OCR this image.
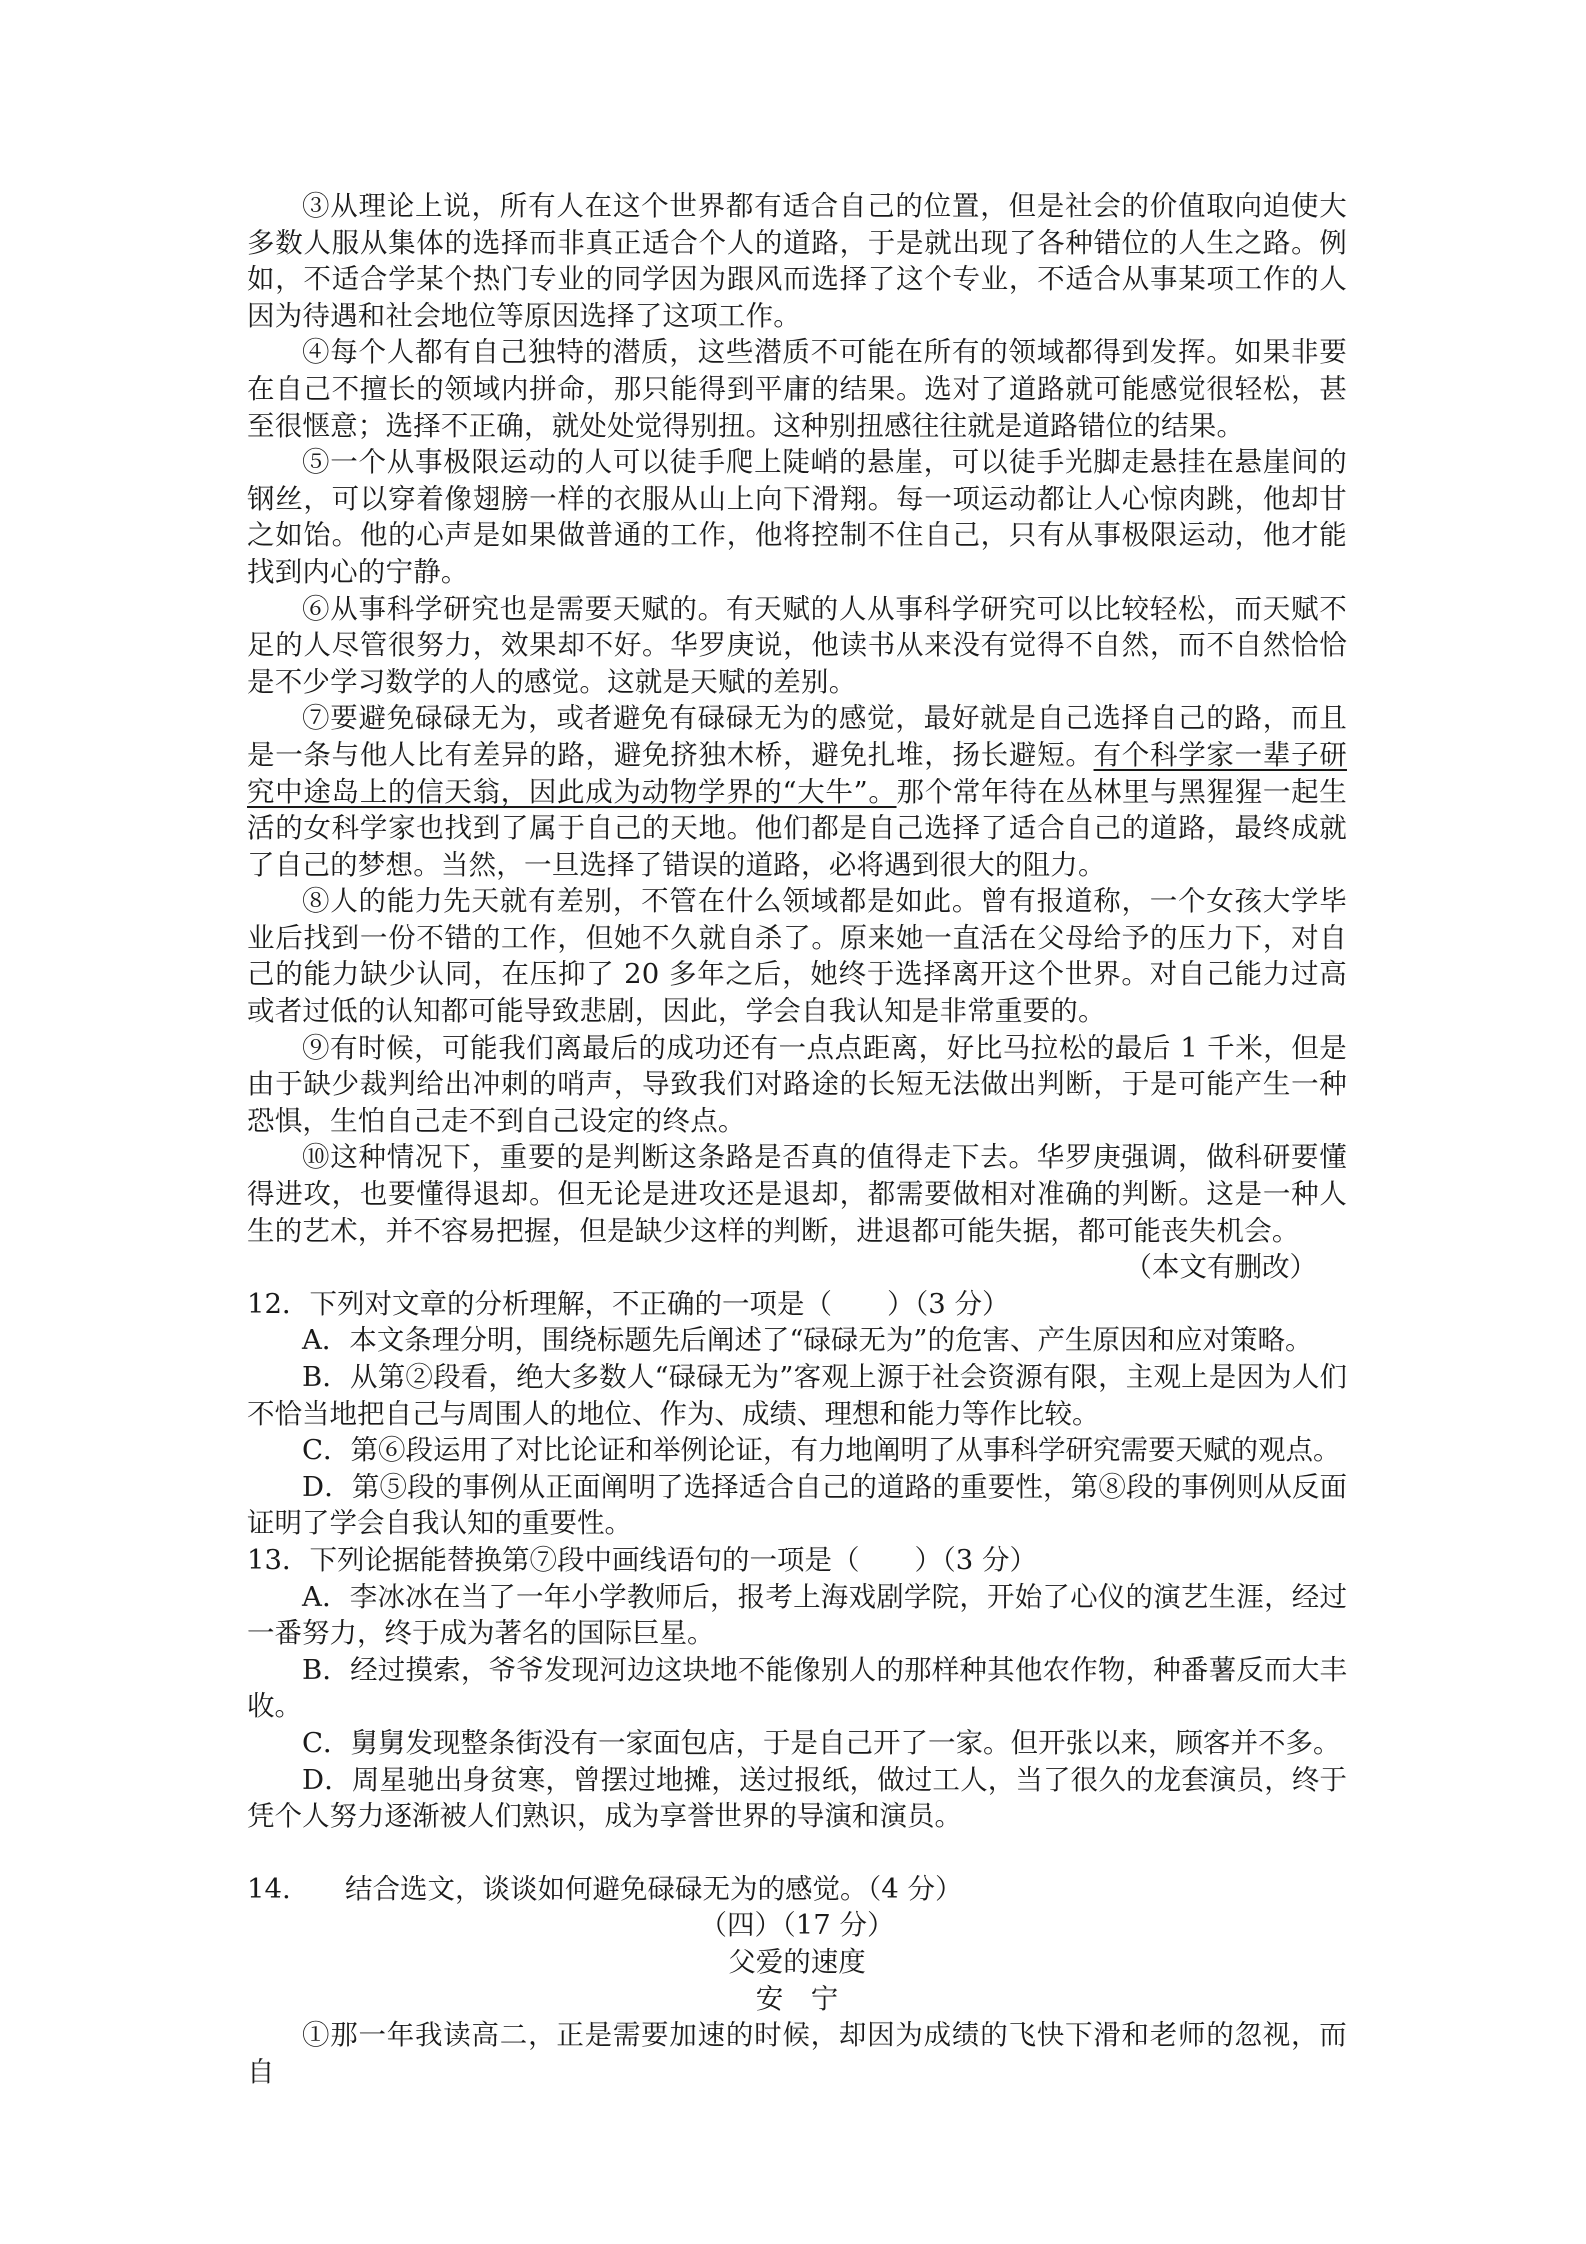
③从理论上说，所有人在这个世界都有适合自己的位置，但是社会的价值取向迫使大多数人服从集体的选择而非真正适合个人的道路，于是就出现了各种错位的人生之路。例如，不适合学某个热门专业的同学因为跟风而选择了这个专业，不适合从事某项工作的人因为待遇和社会地位等原因选择了这项工作。

④每个人都有自己独特的潜质，这些潜质不可能在所有的领域都得到发挥。如果非要在自己不擅长的领域内拼命，那只能得到平庸的结果。选对了道路就可能感觉很轻松，甚至很惬意；选择不正确，就处处觉得别扭。这种别扭感往往就是道路错位的结果。

⑤一个从事极限运动的人可以徒手爬上陡峭的悬崖，可以徒手光脚走悬挂在悬崖间的钢丝，可以穿着像翅膀一样的衣服从山上向下滑翔。每一项运动都让人心惊肉跳，他却甘之如饴。他的心声是如果做普通的工作，他将控制不住自己，只有从事极限运动，他才能找到内心的宁静。

⑥从事科学研究也是需要天赋的。有天赋的人从事科学研究可以比较轻松，而天赋不足的人尽管很努力，效果却不好。华罗庚说，他读书从来没有觉得不自然，而不自然恰恰是不少学习数学的人的感觉。这就是天赋的差别。

⑦要避免碌碌无为，或者避免有碌碌无为的感觉，最好就是自己选择自己的路，而且是一条与他人比有差异的路，避免挤独木桥，避免扎堆，扬长避短。有个科学家一辈子研究中途岛上的信天翁，因此成为动物学界的“大牛”。那个常年待在丛林里与黑猩猩一起生活的女科学家也找到了属于自己的天地。他们都是自己选择了适合自己的道路，最终成就了自己的梦想。当然，一旦选择了错误的道路，必将遇到很大的阻力。

⑧人的能力先天就有差别，不管在什么领域都是如此。曾有报道称，一个女孩大学毕业后找到一份不错的工作，但她不久就自杀了。原来她一直活在父母给予的压力下，对自己的能力缺少认同，在压抑了 20 多年之后，她终于选择离开这个世界。对自己能力过高或者过低的认知都可能导致悲剧，因此，学会自我认知是非常重要的。

⑨有时候，可能我们离最后的成功还有一点点距离，好比马拉松的最后 1 千米，但是由于缺少裁判给出冲刺的哨声，导致我们对路途的长短无法做出判断，于是可能产生一种恐惧，生怕自己走不到自己设定的终点。

⑩这种情况下，重要的是判断这条路是否真的值得走下去。华罗庚强调，做科研要懂得进攻，也要懂得退却。但无论是进攻还是退却，都需要做相对准确的判断。这是一种人生的艺术，并不容易把握，但是缺少这样的判断，进退都可能失据，都可能丧失机会。

（本文有删改）

12．下列对文章的分析理解，不正确的一项是（　　）（3 分）

A．本文条理分明，围绕标题先后阐述了“碌碌无为”的危害、产生原因和应对策略。

B．从第②段看，绝大多数人“碌碌无为”客观上源于社会资源有限，主观上是因为人们不恰当地把自己与周围人的地位、作为、成绩、理想和能力等作比较。

C．第⑥段运用了对比论证和举例论证，有力地阐明了从事科学研究需要天赋的观点。

D．第⑤段的事例从正面阐明了选择适合自己的道路的重要性，第⑧段的事例则从反面证明了学会自我认知的重要性。

13．下列论据能替换第⑦段中画线语句的一项是（　　）（3 分）

A．李冰冰在当了一年小学教师后，报考上海戏剧学院，开始了心仪的演艺生涯，经过一番努力，终于成为著名的国际巨星。

B．经过摸索，爷爷发现河边这块地不能像别人的那样种其他农作物，种番薯反而大丰收。

C．舅舅发现整条街没有一家面包店，于是自己开了一家。但开张以来，顾客并不多。

D．周星驰出身贫寒，曾摆过地摊，送过报纸，做过工人，当了很久的龙套演员，终于凭个人努力逐渐被人们熟识，成为享誉世界的导演和演员。

14. 结合选文，谈谈如何避免碌碌无为的感觉。（4 分）

（四）（17 分）

父爱的速度

安　宁

①那一年我读高二，正是需要加速的时候，却因为成绩的飞快下滑和老师的忽视，而自
